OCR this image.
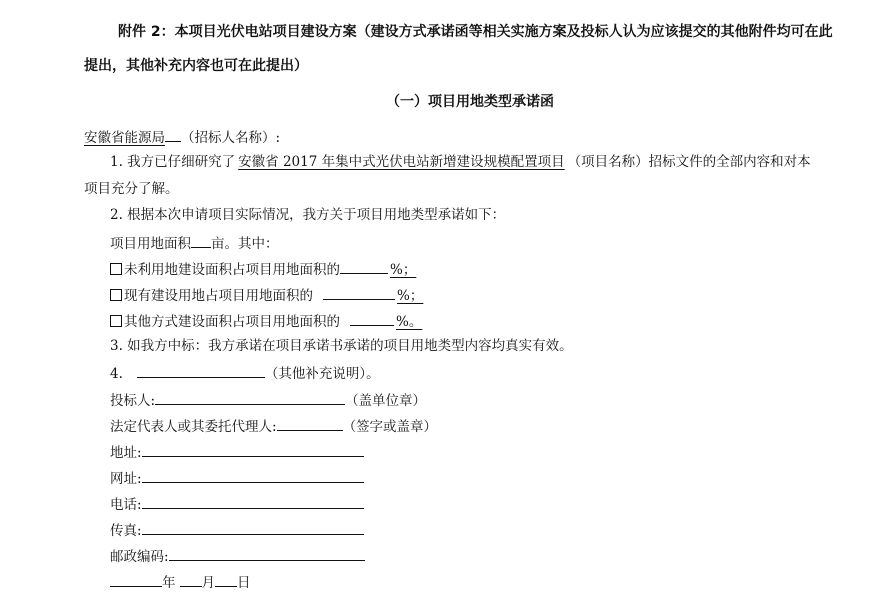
附件 2：本项目光伏电站项目建设方案（建设方式承诺函等相关实施方案及投标人认为应该提交的其他附件均可在此
提出，其他补充内容也可在此提出）
（一）项目用地类型承诺函
安徽省能源局 （招标人名称）:
1. 我方已仔细研究了 安徽省 2017 年集中式光伏电站新增建设规模配置项目 （项目名称）招标文件的全部内容和对本
项目充分了解。
2. 根据本次申请项目实际情况，我方关于项目用地类型承诺如下：
项目用地面积 亩。其中：
未利用地建设面积占项目用地面积的	%；
现有建设用地占项目用地面积的	%；
其他方式建设面积占项目用地面积的	%。
3. 如我方中标：我方承诺在项目承诺书承诺的项目用地类型内容均真实有效。
4.	（其他补充说明）。
投标人:	（盖单位章）
法定代表人或其委托代理人:	（签字或盖章）
地址:
网址:
电话:
传真:
邮政编码:
年 月 日
